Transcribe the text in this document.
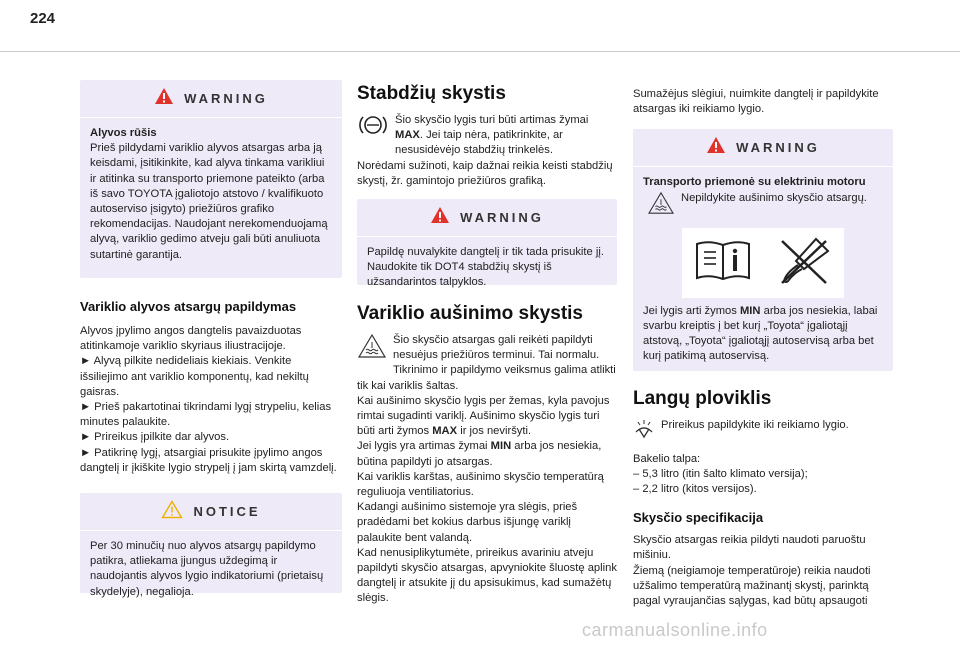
224
WARNING
Alyvos rūšis
Prieš pildydami variklio alyvos atsargas arba ją keisdami, įsitikinkite, kad alyva tinkama varikliui ir atitinka su transporto priemone pateikto (arba iš savo TOYOTA įgaliotojo atstovo / kvalifikuoto autoserviso įsigyto) priežiūros grafiko rekomendacijas. Naudojant nerekomenduojamą alyvą, variklio gedimo atveju gali būti anuliuota sutartinė garantija.
Variklio alyvos atsargų papildymas
Alyvos įpylimo angos dangtelis pavaizduotas atitinkamoje variklio skyriaus iliustracijoje.
► Alyvą pilkite nedideliais kiekiais. Venkite išsiliejimo ant variklio komponentų, kad nekiltų gaisras.
► Prieš pakartotinai tikrindami lygį strypeliu, kelias minutes palaukite.
► Prireikus įpilkite dar alyvos.
► Patikrinę lygį, atsargiai prisukite įpylimo angos dangtelį ir įkiškite lygio strypelį į jam skirtą vamzdelį.
NOTICE
Per 30 minučių nuo alyvos atsargų papildymo patikra, atliekama įjungus uždegimą ir naudojantis alyvos lygio indikatoriumi (prietaisų skydelyje), negalioja.
Stabdžių skystis
Šio skysčio lygis turi būti artimas žymai MAX. Jei taip nėra, patikrinkite, ar nesusidėvėjo stabdžių trinkelės.
Norėdami sužinoti, kaip dažnai reikia keisti stabdžių skystį, žr. gamintojo priežiūros grafiką.
WARNING
Papildę nuvalykite dangtelį ir tik tada prisukite jį. Naudokite tik DOT4 stabdžių skystį iš užsandarintos talpyklos.
Variklio aušinimo skystis
Šio skysčio atsargas gali reikėti papildyti nesuėjus priežiūros terminui. Tai normalu.
Tikrinimo ir papildymo veiksmus galima atlikti tik kai variklis šaltas.
Kai aušinimo skysčio lygis per žemas, kyla pavojus rimtai sugadinti variklį. Aušinimo skysčio lygis turi būti arti žymos MAX ir jos neviršyti.
Jei lygis yra artimas žymai MIN arba jos nesiekia, būtina papildyti jo atsargas.
Kai variklis karštas, aušinimo skysčio temperatūrą reguliuoja ventiliatorius.
Kadangi aušinimo sistemoje yra slėgis, prieš pradėdami bet kokius darbus išjungę variklį palaukite bent valandą.
Kad nenusiplikytumėte, prireikus avariniu atveju papildyti skysčio atsargas, apvyniokite šluostę aplink dangtelį ir atsukite jį du apsisukimus, kad sumažėtų slėgis.
Sumažėjus slėgiui, nuimkite dangtelį ir papildykite atsargas iki reikiamo lygio.
WARNING
Transporto priemonė su elektriniu motoru
Nepildykite aušinimo skysčio atsargų.
Jei lygis arti žymos MIN arba jos nesiekia, labai svarbu kreiptis į bet kurį „Toyota“ įgaliotąjį atstovą, „Toyota“ įgaliotąjį autoservisą arba bet kurį patikimą autoservisą.
Langų ploviklis
Prireikus papildykite iki reikiamo lygio.
Bakelio talpa:
– 5,3 litro (itin šalto klimato versija);
– 2,2 litro (kitos versijos).
Skysčio specifikacija
Skysčio atsargas reikia pildyti naudoti paruoštu mišiniu.
Žiemą (neigiamoje temperatūroje) reikia naudoti užšalimo temperatūrą mažinantį skystį, parinktą pagal vyraujančias sąlygas, kad būtų apsaugoti
carmanualsonline.info
